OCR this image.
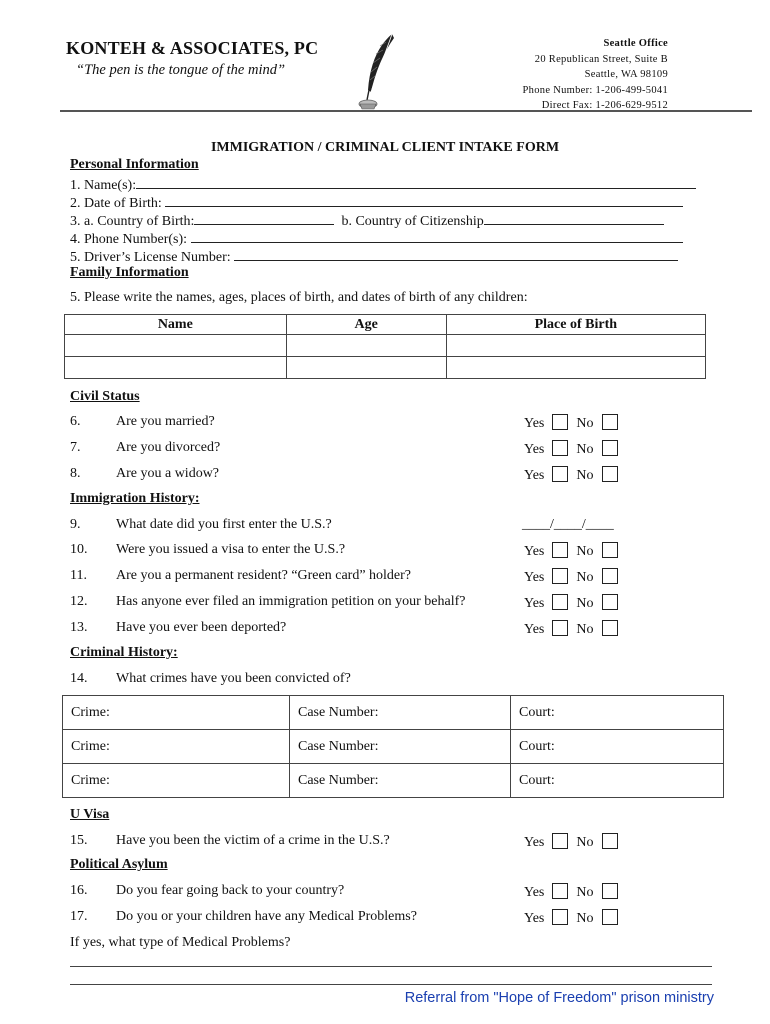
KONTEH & ASSOCIATES, PC
“The pen is the tongue of the mind”
Seattle Office
20 Republican Street, Suite B
Seattle, WA 98109
Phone Number: 1-206-499-5041
Direct Fax: 1-206-629-9512
IMMIGRATION / CRIMINAL CLIENT INTAKE FORM
Personal Information
1. Name(s):
2. Date of Birth:
3. a. Country of Birth:	b. Country of Citizenship
4. Phone Number(s):
5. Driver’s License Number:
Family Information
5. Please write the names, ages, places of birth, and dates of birth of any children:
Name	Age	Place of Birth

Civil Status
6.	Are you married?	Yes No
7.	Are you divorced?	Yes No
8.	Are you a widow?	Yes No
Immigration History:
9.	What date did you first enter the U.S.?	____/____/____
10. Were you issued a visa to enter the U.S.?	Yes No
11. Are you a permanent resident? “Green card” holder?	Yes No
12. Has anyone ever filed an immigration petition on your behalf?	Yes No
13. Have you ever been deported?	Yes No
Criminal History:
14. What crimes have you been convicted of?
Crime:	Case Number:	Court:
Crime:	Case Number:	Court:
Crime:	Case Number:	Court:
U Visa
15. Have you been the victim of a crime in the U.S.?	Yes No
Political Asylum
16. Do you fear going back to your country?	Yes No
17. Do you or your children have any Medical Problems?	Yes No
If yes, what type of Medical Problems?
Referral from "Hope of Freedom" prison ministry
